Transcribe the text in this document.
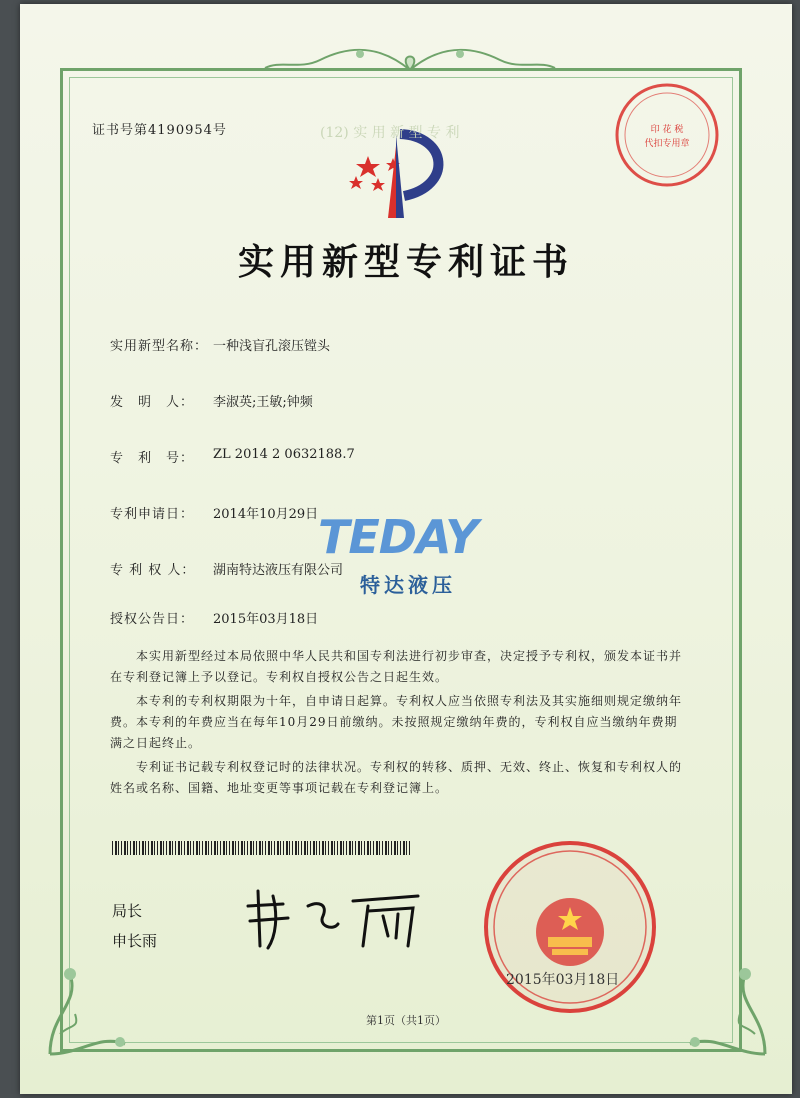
证书号第4190954号	印 花 税
代扣专用章
(12) 实 用 新 型 专 利
实用新型专利证书
实用新型名称： 一种浅盲孔滚压镗头
发　明　人： 李淑英;王敏;钟频
专　利　号： ZL 2014 2 0632188.7
专利申请日： 2014年10月29日
专 利 权 人： 湖南特达液压有限公司
授权公告日： 2015年03月18日
TEDAY
特达液压
本实用新型经过本局依照中华人民共和国专利法进行初步审查，决定授予专利权，颁发本证书并在专利登记簿上予以登记。专利权自授权公告之日起生效。
本专利的专利权期限为十年，自申请日起算。专利权人应当依照专利法及其实施细则规定缴纳年费。本专利的年费应当在每年10月29日前缴纳。未按照规定缴纳年费的，专利权自应当缴纳年费期满之日起终止。
专利证书记载专利权登记时的法律状况。专利权的转移、质押、无效、终止、恢复和专利权人的姓名或名称、国籍、地址变更等事项记载在专利登记簿上。
局长
申长雨
2015年03月18日
第1页（共1页）
